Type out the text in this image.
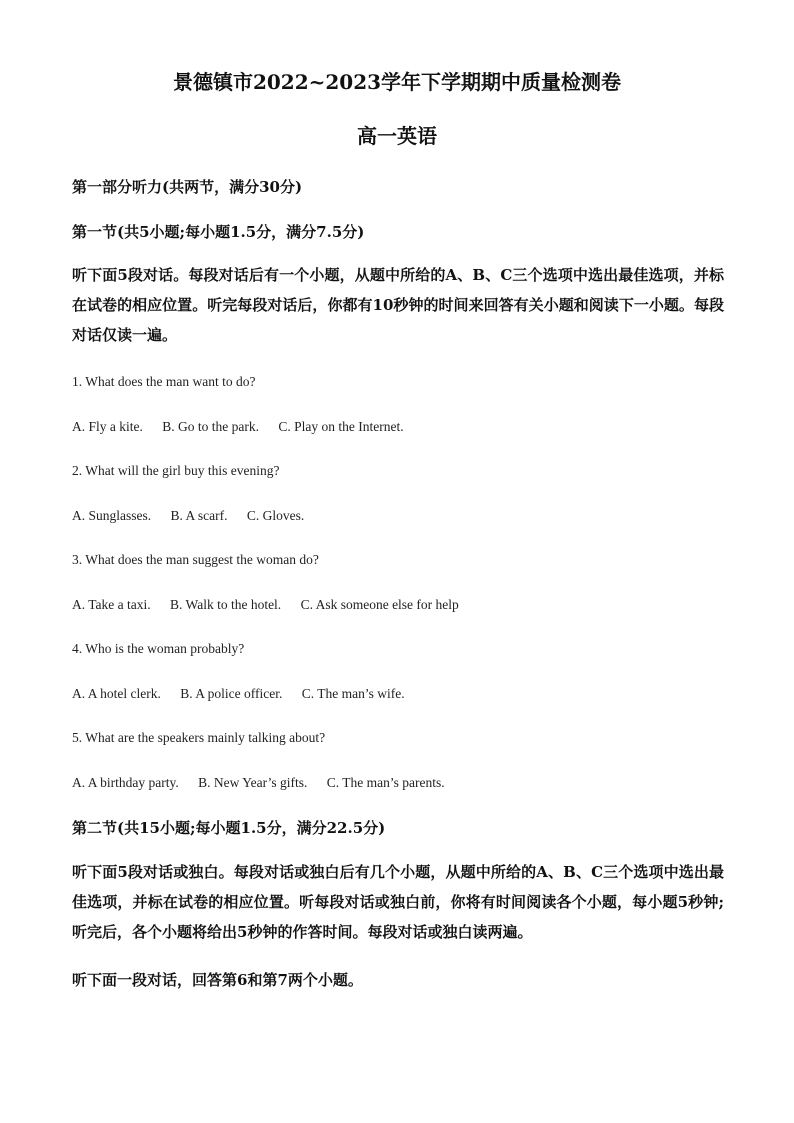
景德镇市2022~2023学年下学期期中质量检测卷
高一英语
第一部分听力(共两节，满分30分)
第一节(共5小题;每小题1.5分，满分7.5分)

听下面5段对话。每段对话后有一个小题，从题中所给的A、B、C三个选项中选出最佳选项，并标在试卷的相应位置。听完每段对话后，你都有10秒钟的时间来回答有关小题和阅读下一小题。每段对话仅读一遍。

1. What does the man want to do?
A. Fly a kite. B. Go to the park. C. Play on the Internet.
2. What will the girl buy this evening?
A. Sunglasses. B. A scarf. C. Gloves.
3. What does the man suggest the woman do?
A. Take a taxi. B. Walk to the hotel. C. Ask someone else for help
4. Who is the woman probably?
A. A hotel clerk. B. A police officer. C. The man’s wife.
5. What are the speakers mainly talking about?
A. A birthday party. B. New Year’s gifts. C. The man’s parents.
第二节(共15小题;每小题1.5分，满分22.5分)

听下面5段对话或独白。每段对话或独白后有几个小题，从题中所给的A、B、C三个选项中选出最佳选项，并标在试卷的相应位置。听每段对话或独白前，你将有时间阅读各个小题，每小题5秒钟;听完后，各个小题将给出5秒钟的作答时间。每段对话或独白读两遍。

听下面一段对话，回答第6和第7两个小题。
